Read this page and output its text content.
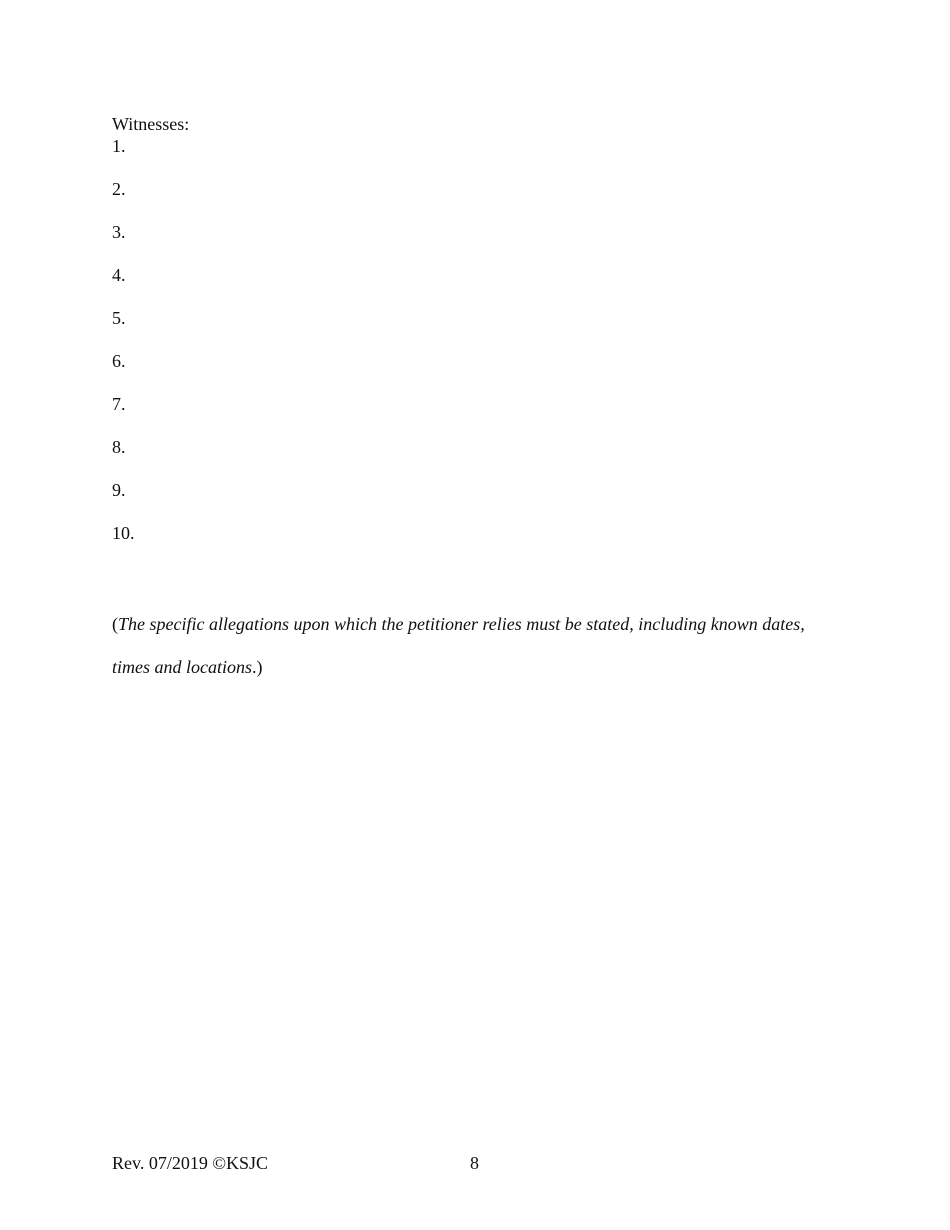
Witnesses:
1.
2.
3.
4.
5.
6.
7.
8.
9.
10.
(The specific allegations upon which the petitioner relies must be stated, including known dates, times and locations.)
Rev. 07/2019 ©KSJC	8
